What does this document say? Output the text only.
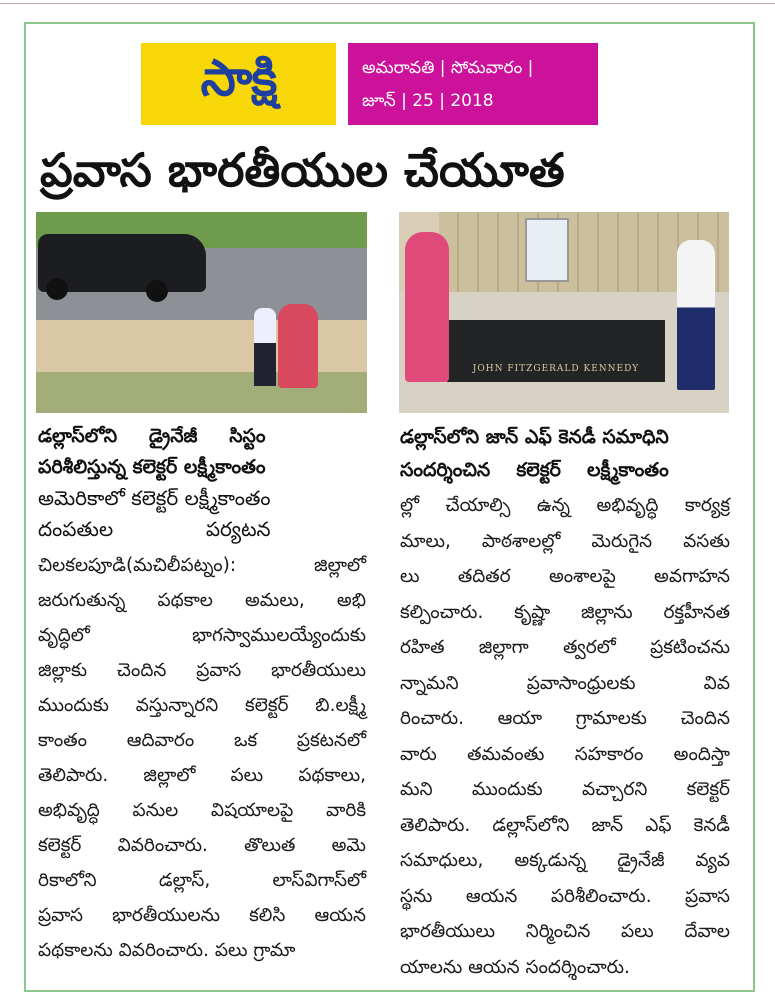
సాక్షి	అమరావతి | సోమవారం |
జూన్ | 25 | 2018
ప్రవాస భారతీయుల చేయూత
JOHN FITZGERALD KENNEDY
డల్లాస్‌లోని డ్రైనేజీ సిస్టం
పరిశీలిస్తున్న కలెక్టర్ లక్ష్మీకాంతం
అమెరికాలో కలెక్టర్ లక్ష్మీకాంతం
దంపతుల పర్యటన
డల్లాస్‌లోని జాన్ ఎఫ్ కెనడీ సమాధిని
సందర్శించిన కలెక్టర్ లక్ష్మీకాంతం
చిలకలపూడి(మచిలీపట్నం): జిల్లాలో
జరుగుతున్న పథకాల అమలు, అభి
వృద్ధిలో భాగస్వాములయ్యేందుకు
జిల్లాకు చెందిన ప్రవాస భారతీయులు
ముందుకు వస్తున్నారని కలెక్టర్ బి.లక్ష్మీ
కాంతం ఆదివారం ఒక ప్రకటనలో
తెలిపారు. జిల్లాలో పలు పథకాలు,
అభివృద్ధి పనుల విషయాలపై వారికి
కలెక్టర్ వివరించారు. తొలుత అమె
రికాలోని డల్లాస్, లాస్‌విగాస్‌లో
ప్రవాస భారతీయులను కలిసి ఆయన
పథకాలను వివరించారు. పలు గ్రామా
ల్లో చేయాల్సి ఉన్న అభివృద్ధి కార్యక్ర
మాలు, పాఠశాలల్లో మెరుగైన వసతు
లు తదితర అంశాలపై అవగాహన
కల్పించారు. కృష్ణా జిల్లాను రక్తహీనత
రహిత జిల్లాగా త్వరలో ప్రకటించను
న్నామని ప్రవాసాంధ్రులకు వివ
రించారు. ఆయా గ్రామాలకు చెందిన
వారు తమవంతు సహకారం అందిస్తా
మని ముందుకు వచ్చారని కలెక్టర్
తెలిపారు. డల్లాస్‌లోని జాన్ ఎఫ్ కెనడీ
సమాధులు, అక్కడున్న డ్రైనేజీ వ్యవ
స్థను ఆయన పరిశీలించారు. ప్రవాస
భారతీయులు నిర్మించిన పలు దేవాల
యాలను ఆయన సందర్శించారు.
